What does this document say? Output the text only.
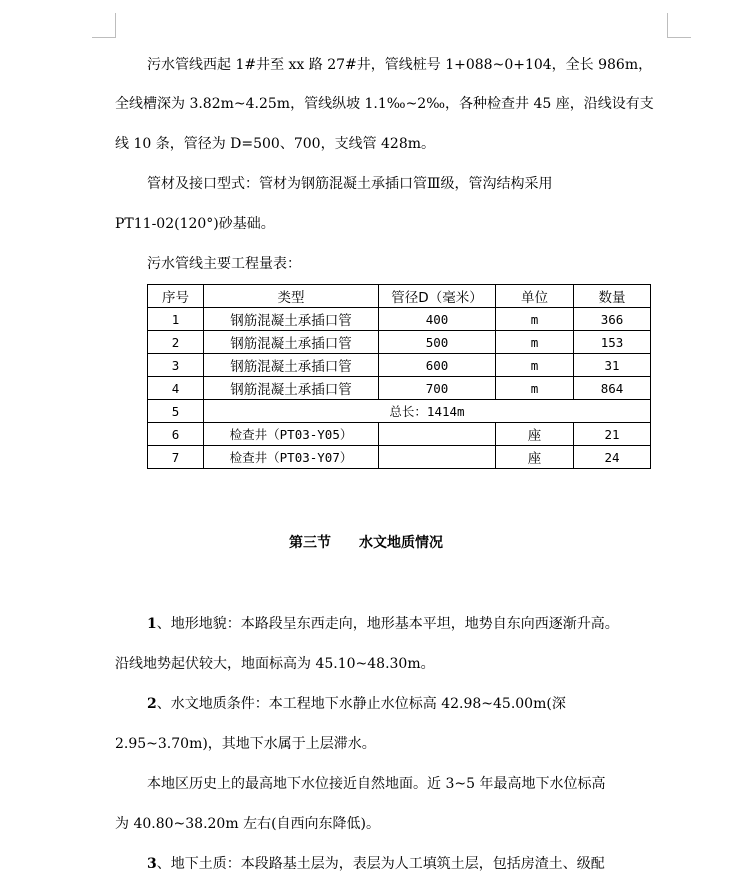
污水管线西起 1#井至 xx 路 27#井，管线桩号 1+088~0+104，全长 986m，

全线槽深为 3.82m~4.25m，管线纵坡 1.1‰~2‰，各种检查井 45 座，沿线设有支

线 10 条，管径为 D=500、700，支线管 428m。

管材及接口型式：管材为钢筋混凝土承插口管Ⅲ级，管沟结构采用

PT11-02(120°)砂基础。

污水管线主要工程量表：

序号	类型	管径D（毫米）	单位	数量
1	钢筋混凝土承插口管	400	m	366
2	钢筋混凝土承插口管	500	m	153
3	钢筋混凝土承插口管	600	m	31
4	钢筋混凝土承插口管	700	m	864
5	总长：1414m			
6	检查井（PT03-Y05）		座	21
7	检查井（PT03-Y07）		座	24
第三节 水文地质情况

1、地形地貌：本路段呈东西走向，地形基本平坦，地势自东向西逐渐升高。

沿线地势起伏较大，地面标高为 45.10~48.30m。

2、水文地质条件：本工程地下水静止水位标高 42.98~45.00m(深

2.95~3.70m)，其地下水属于上层滞水。

本地区历史上的最高地下水位接近自然地面。近 3~5 年最高地下水位标高

为 40.80~38.20m 左右(自西向东降低)。

3、地下土质：本段路基土层为，表层为人工填筑土层，包括房渣土、级配
